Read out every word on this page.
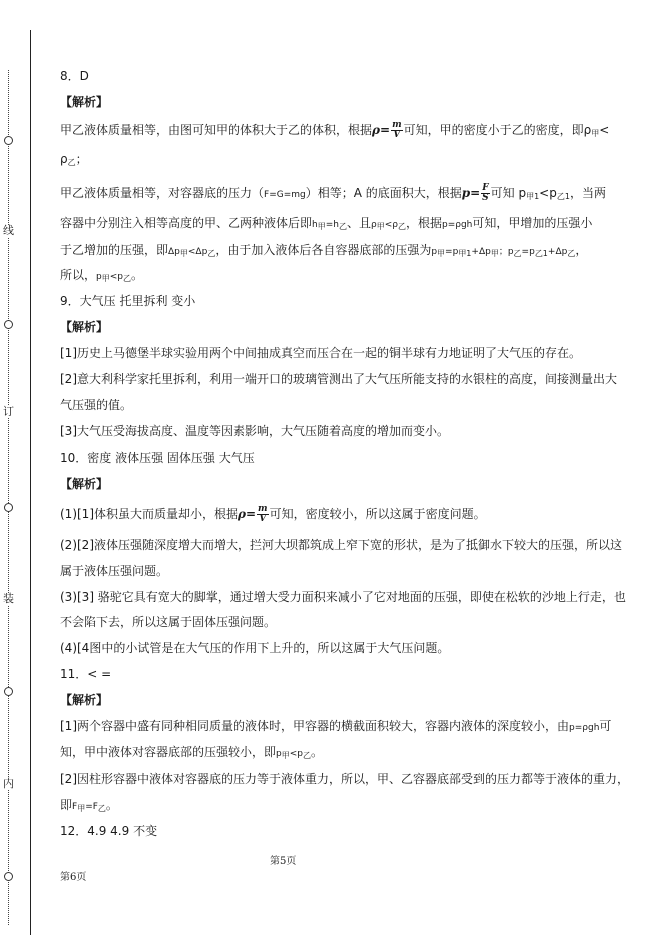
线
订
装
内
8．D
【解析】
甲乙液体质量相等，由图可知甲的体积大于乙的体积，根据$\rho= \frac{m}{V}$ 可知，甲的密度小于乙的密度，即$\rho_甲<$
$\rho_乙$；
甲乙液体质量相等，对容器底的压力（F=G=mg）相等；A 的底面积大，根据$p= \frac{F}{S}$ 可知 $p_{甲1}<p_{乙1}$，当两
容器中分别注入相等高度的甲、乙两种液体后即$h_甲=h_乙$、且$\rho_甲<\rho_乙$，根据p=ρgh可知，甲增加的压强小
于乙增加的压强，即$\Delta p_甲<\Delta p_乙$，由于加入液体后各自容器底部的压强为$p_甲=p_{甲1}+\Delta p_甲$；$p_乙=p_{乙1}+\Delta p_乙$，
所以，$p_甲<p_乙$。
9．大气压 托里拆利 变小
【解析】
[1]历史上马德堡半球实验用两个中间抽成真空而压合在一起的铜半球有力地证明了大气压的存在。
[2]意大利科学家托里拆利，利用一端开口的玻璃管测出了大气压所能支持的水银柱的高度，间接测量出大
气压强的值。
[3]大气压受海拔高度、温度等因素影响，大气压随着高度的增加而变小。
10．密度 液体压强 固体压强 大气压
【解析】
(1)[1]体积虽大而质量却小，根据$\rho= \frac{m}{V}$ 可知，密度较小，所以这属于密度问题。
(2)[2]液体压强随深度增大而增大，拦河大坝都筑成上窄下宽的形状，是为了抵御水下较大的压强，所以这
属于液体压强问题。
(3)[3] 骆驼它具有宽大的脚掌，通过增大受力面积来减小了它对地面的压强，即使在松软的沙地上行走，也
不会陷下去，所以这属于固体压强问题。
(4)[4图中的小试管是在大气压的作用下上升的，所以这属于大气压问题。
11．< =
【解析】
[1]两个容器中盛有同种相同质量的液体时，甲容器的横截面积较大，容器内液体的深度较小，由p=ρgh可
知，甲中液体对容器底部的压强较小，即$p_甲<p_乙$。
[2]因柱形容器中液体对容器底的压力等于液体重力，所以，甲、乙容器底部受到的压力都等于液体的重力，
即$F_甲=F_乙$。
12．4.9 4.9 不变
第5页
第6页
